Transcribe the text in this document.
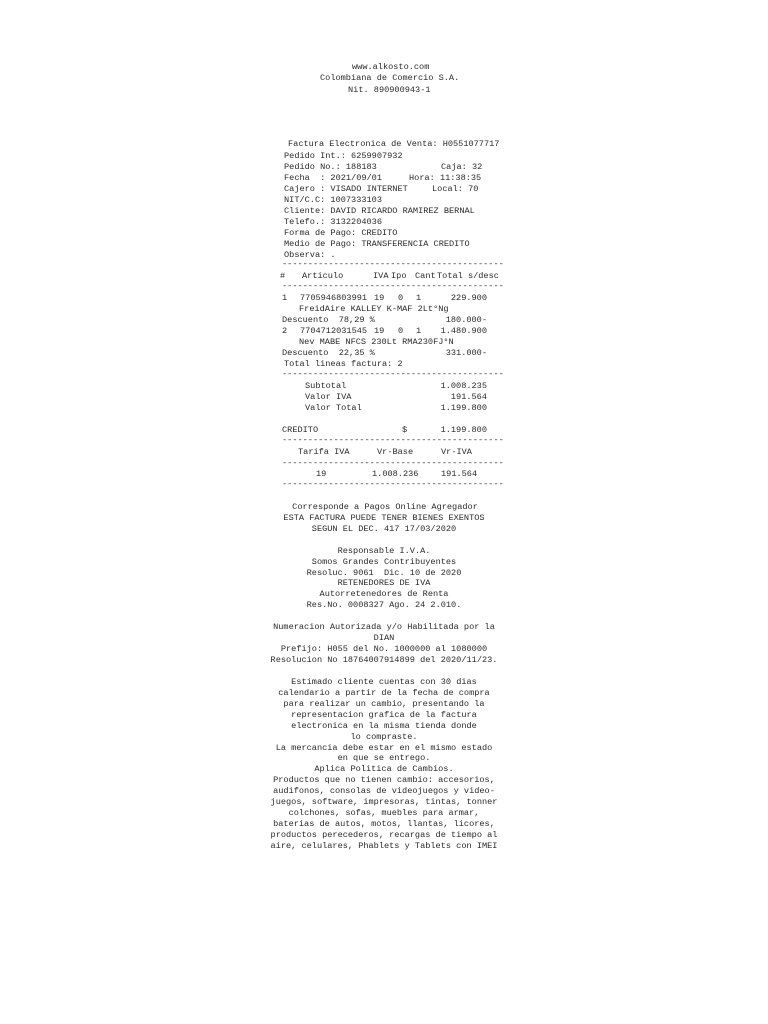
www.alkosto.com
Colombiana de Comercio S.A.
Nit. 890900943-1
Factura Electronica de Venta: H0551077717
Pedido Int.: 6259907932
Pedido No.: 188183	Caja: 32
Fecha  : 2021/09/01	Hora: 11:38:35
Cajero : VISADO INTERNET	Local: 70
NIT/C.C: 1007333103
Cliente: DAVID RICARDO RAMIREZ BERNAL
Telefo.: 3132204036
Forma de Pago: CREDITO
Medio de Pago: TRANSFERENCIA CREDITO
Observa: .
-------------------------------------------
# Articulo	IVA Ipo Cant Total s/desc
-------------------------------------------
1 7705946803991 19 0 1	229.900
FreidAire KALLEY K-MAF 2Lt°Ng
Descuento  78,29 %	180.000-
2 7704712031545 19 0 1 1.480.900
Nev MABE NFCS 230Lt RMA230FJ°N
Descuento  22,35 %	331.000-
Total lineas factura: 2
-------------------------------------------
Subtotal	1.008.235
Valor IVA	191.564
Valor Total	1.199.800
CREDITO	$	1.199.800
-------------------------------------------
Tarifa IVA	Vr-Base	Vr-IVA
-------------------------------------------
19	1.008.236	191.564
-------------------------------------------
Corresponde a Pagos Online Agregador
ESTA FACTURA PUEDE TENER BIENES EXENTOS
SEGUN EL DEC. 417 17/03/2020
Responsable I.V.A.
Somos Grandes Contribuyentes
Resoluc. 9061  Dic. 10 de 2020
RETENEDORES DE IVA
Autorretenedores de Renta
Res.No. 0008327 Ago. 24 2.010.
Numeracion Autorizada y/o Habilitada por la
DIAN
Prefijo: H055 del No. 1000000 al 1080000
Resolucion No 18764007914899 del 2020/11/23.
Estimado cliente cuentas con 30 dias
calendario a partir de la fecha de compra
para realizar un cambio, presentando la
representacion grafica de la factura
electronica en la misma tienda donde
lo compraste.
La mercancia debe estar en el mismo estado
en que se entrego.
Aplica Politica de Cambios.
Productos que no tienen cambio: accesorios,
audifonos, consolas de videojuegos y video-
juegos, software, impresoras, tintas, tonner
colchones, sofas, muebles para armar,
baterias de autos, motos, llantas, licores,
productos perecederos, recargas de tiempo al
aire, celulares, Phablets y Tablets con IMEI
